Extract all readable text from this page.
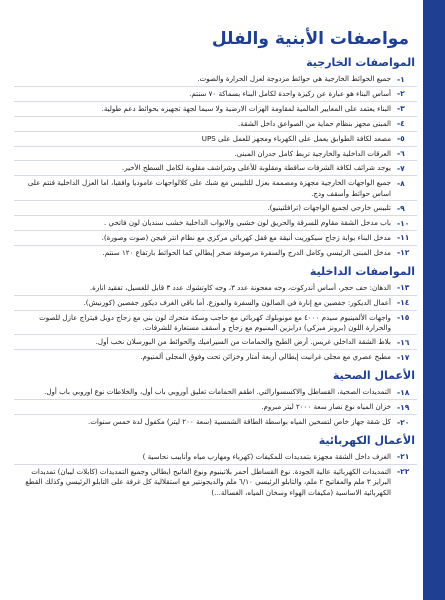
مواصفات الأبنية والفلل
المواصفات الخارجية
-١
جميع الحوائط الخارجية هي حوائط مزدوجة لعزل الحرارة والصوت.
-٢
أساس البناء هو عبارة عن ركيزة واحدة لكامل البناء بسماكة ٧٠ سنتم.
-٣
البناء يعتمد على المعايير العالمية لمقاومة الهزات الارضية ولا سيما لجهة تجهيزه بحوائط دعم طولية.
-٤
المبنى مجهز بنظام حماية من الصواعق داخل الشقة.
-٥
مصعد لكافة الطوابق يعمل على الكهرباء ومجهز للعمل على UPS
-٦
العرقات الداخلية والخارجية تربط كامل جدران المبنى.
-٧
يوجد شرائف لكافة الشرفات ساقطة ومقلوبة للأعلى وشراشف مقلوبة لكامل السطح الأخير.
-٨
جميع الواجهات الخارجية مجهزة ومصممة بعزل للتلبيس مع شبك على كلالواجهات عاموديا وافقيا، اما العزل الداخلية فتتم على اساس حوائط وأسقف ودج.
-٩
تلبيس خارجي لجميع الواجهات (ترافلتينيو).
-١٠
باب مدخل الشقة مقاوم للسرقة والحريق لون خشبي والابواب الداخلية خشب سنديان لون فاتحي .
-١١
مدخل البناء بوابة زجاج سيكوريت أنيقة مع قفل كهربائي مركزي مع نظام انتر فيجن (صوت وصورة).
-١٢
مدخل المبنى الرئيسي وكامل الدرج والسفرة مرصوفة صخر إيطالي كما الحوائط بارتفاع ١٢٠ سنتم.
المواصفات الداخلية
-١٣
الدهان: حف حجر، أساس أندركوت، وجه معجونة عدد ٣، وجه كاوتشوك عدد ٣ قابل للغسيل، تفقيد انارة.
-١٤
أعمال الديكور: جفصين مع إنارة في الصالون والسفرة والموزع. أما باقي الغرف ديكور جفصين (كورنيش).
-١٥
واجهات الألمينيوم سيدم ٤٠٠٠ مع مونوبلوك كهربائي مع حاجب وسكة متحرك لون بني مع زجاج دوبل فيتراج عازل للصوت والحرارة اللون (برونز مبركي) درابزين اليمنيوم مع زجاج و أسقف مستعارة للشرفات.
-١٦
بلاط الشقة الداخلي غريس. أرض الطبخ والحمامات من السيراميك والحوائط من البورسلان نخب أول.
-١٧
مطبخ عصري مع مجلى غرانيت إيطالي أربعة أمتار وخزائن تحت وفوق المجلى ألمنيوم.
الأعمال الصحية
-١٨
التمديدات الصحية، القساطل والاكسسوارالتي. اطقم الحمامات تعليق أوروبي باب أول، والخلاطات نوع اوروبي باب أول.
-١٩
خزان المياه نوع نصار سعة ٢٠٠٠ ليتر مبروم.
-٢٠
كل شقة جهاز خاص لتسخين المياه بواسطة الطاقة الشمسية (سعة ٢٠٠ ليتر) مكفول لدة خمس سنوات.
الأعمال الكهربائية
-٢١
الغرف داخل الشقة مجهزة بتمديدات للمكيفات (كهرباء ومهارب مياه وأنابيب نحاسية )
-٢٢
التمديدات الكهربائية عالية الجودة. نوع القساطل أحمر بلاتينيوم ونوع الفاتيح ايطالي وجميع التمديدات (كابلات ليبان) تمديدات البرايز ٣ ملم والمفاتيح ٢ ملم، والتابلو الرئيسي ٦/١٠ ملم والديجونتير مع استقلالية كل غرفة على التابلو الرئيسي وكذلك القطع الكهربائية الاساسية (مكيفات الهواء وسخان المياه، الغسالة...)
